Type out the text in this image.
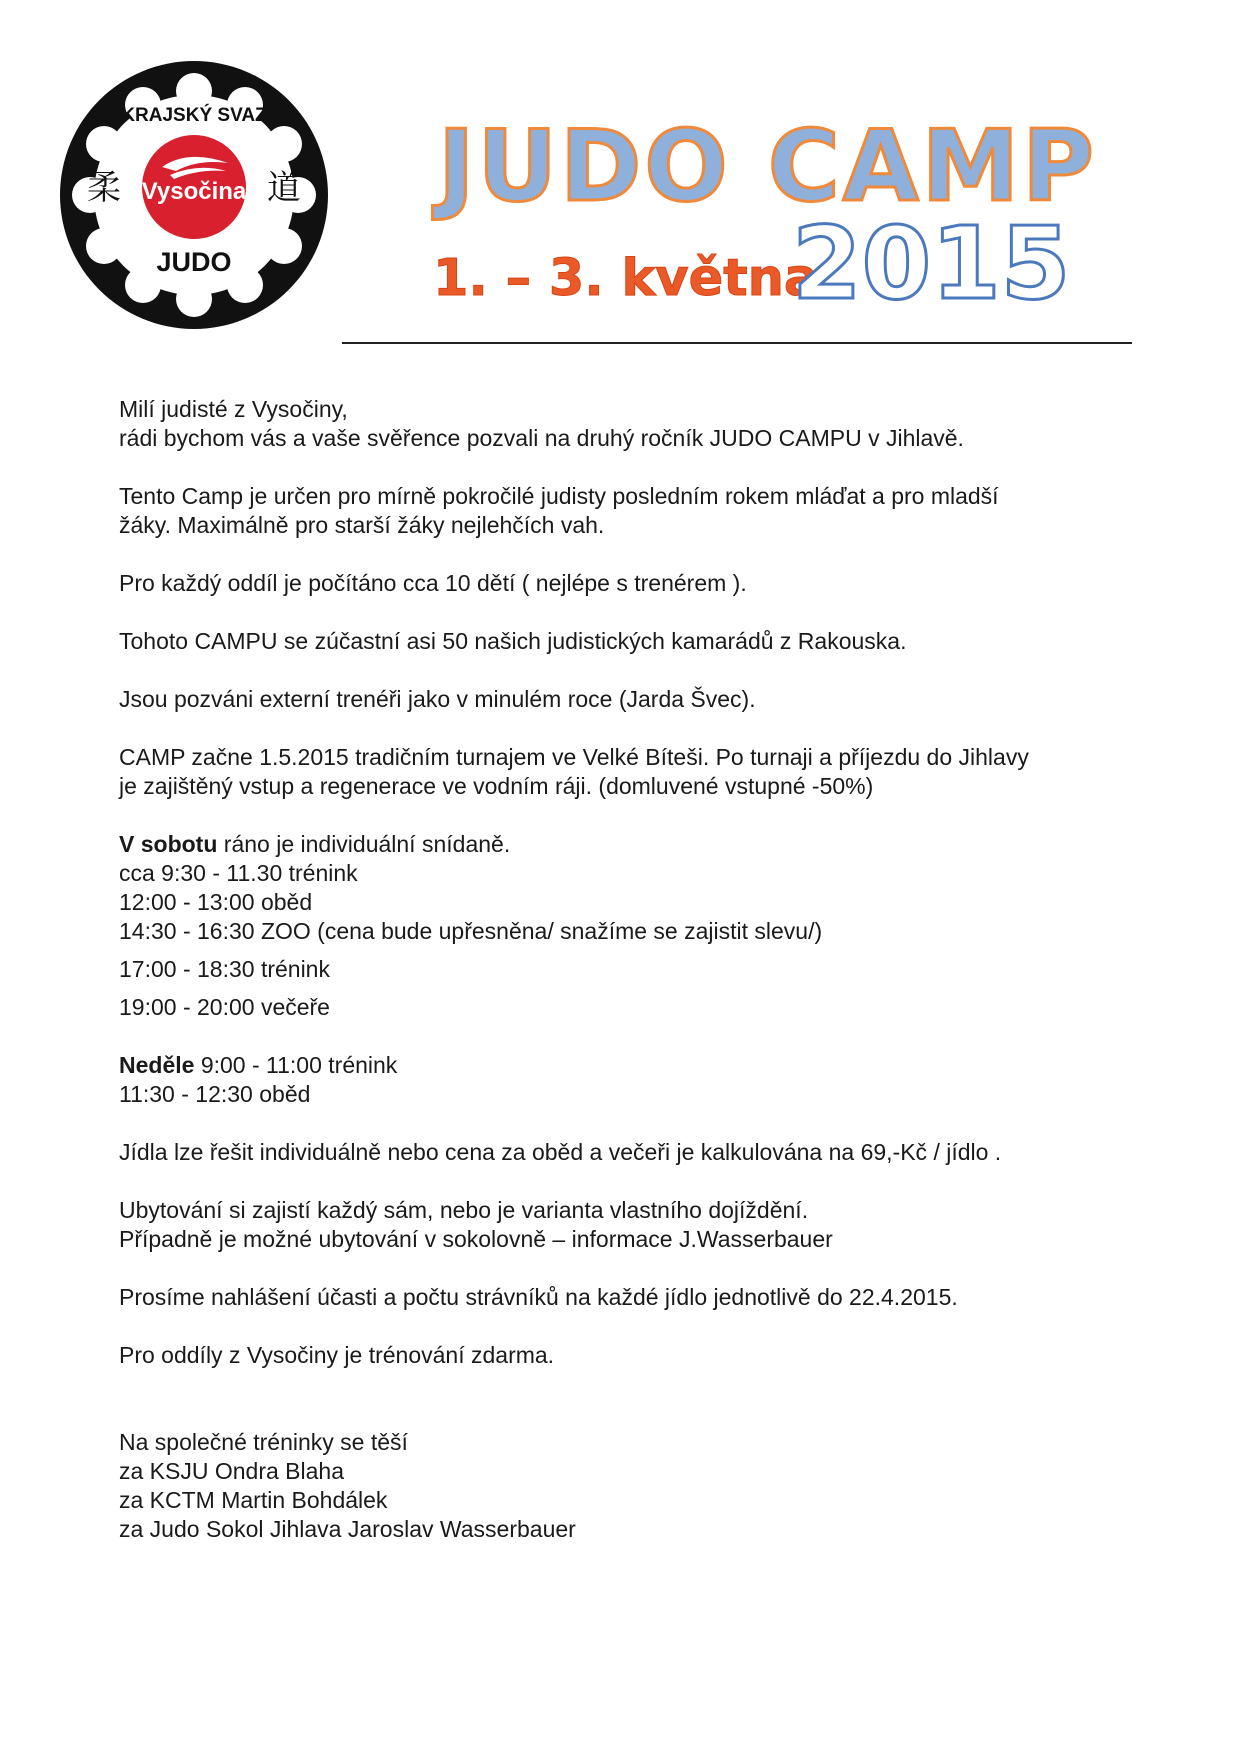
KRAJSKÝ SVAZ
Vysočina
柔	道
JUDO
JUDO CAMP
1. – 3. května
2015

Milí judisté z Vysočiny,

rádi bychom vás a vaše svěřence pozvali na druhý ročník JUDO CAMPU v Jihlavě.

Tento Camp je určen pro mírně pokročilé judisty posledním rokem mláďat a pro mladší

žáky. Maximálně pro starší žáky nejlehčích vah.

Pro každý oddíl je počítáno cca 10 dětí ( nejlépe s trenérem ).

Tohoto CAMPU se zúčastní asi 50 našich judistických kamarádů z Rakouska.

Jsou pozváni externí trenéři jako v minulém roce (Jarda Švec).

CAMP začne 1.5.2015 tradičním turnajem ve Velké Bíteši. Po turnaji a příjezdu do Jihlavy

je zajištěný vstup a regenerace ve vodním ráji. (domluvené vstupné -50%)

V sobotu ráno je individuální snídaně.

cca 9:30 - 11.30 trénink

12:00 - 13:00 oběd

14:30 - 16:30 ZOO (cena bude upřesněna/ snažíme se zajistit slevu/)

17:00 - 18:30 trénink

19:00 - 20:00 večeře

Neděle 9:00 - 11:00 trénink

11:30 - 12:30 oběd

Jídla lze řešit individuálně nebo cena za oběd a večeři je kalkulována na 69,-Kč / jídlo .

Ubytování si zajistí každý sám, nebo je varianta vlastního dojíždění.

Případně je možné ubytování v sokolovně – informace J.Wasserbauer

Prosíme nahlášení účasti a počtu strávníků na každé jídlo jednotlivě do 22.4.2015.

Pro oddíly z Vysočiny je trénování zdarma.

Na společné tréninky se těší

za KSJU Ondra Blaha

za KCTM Martin Bohdálek

za Judo Sokol Jihlava Jaroslav Wasserbauer
